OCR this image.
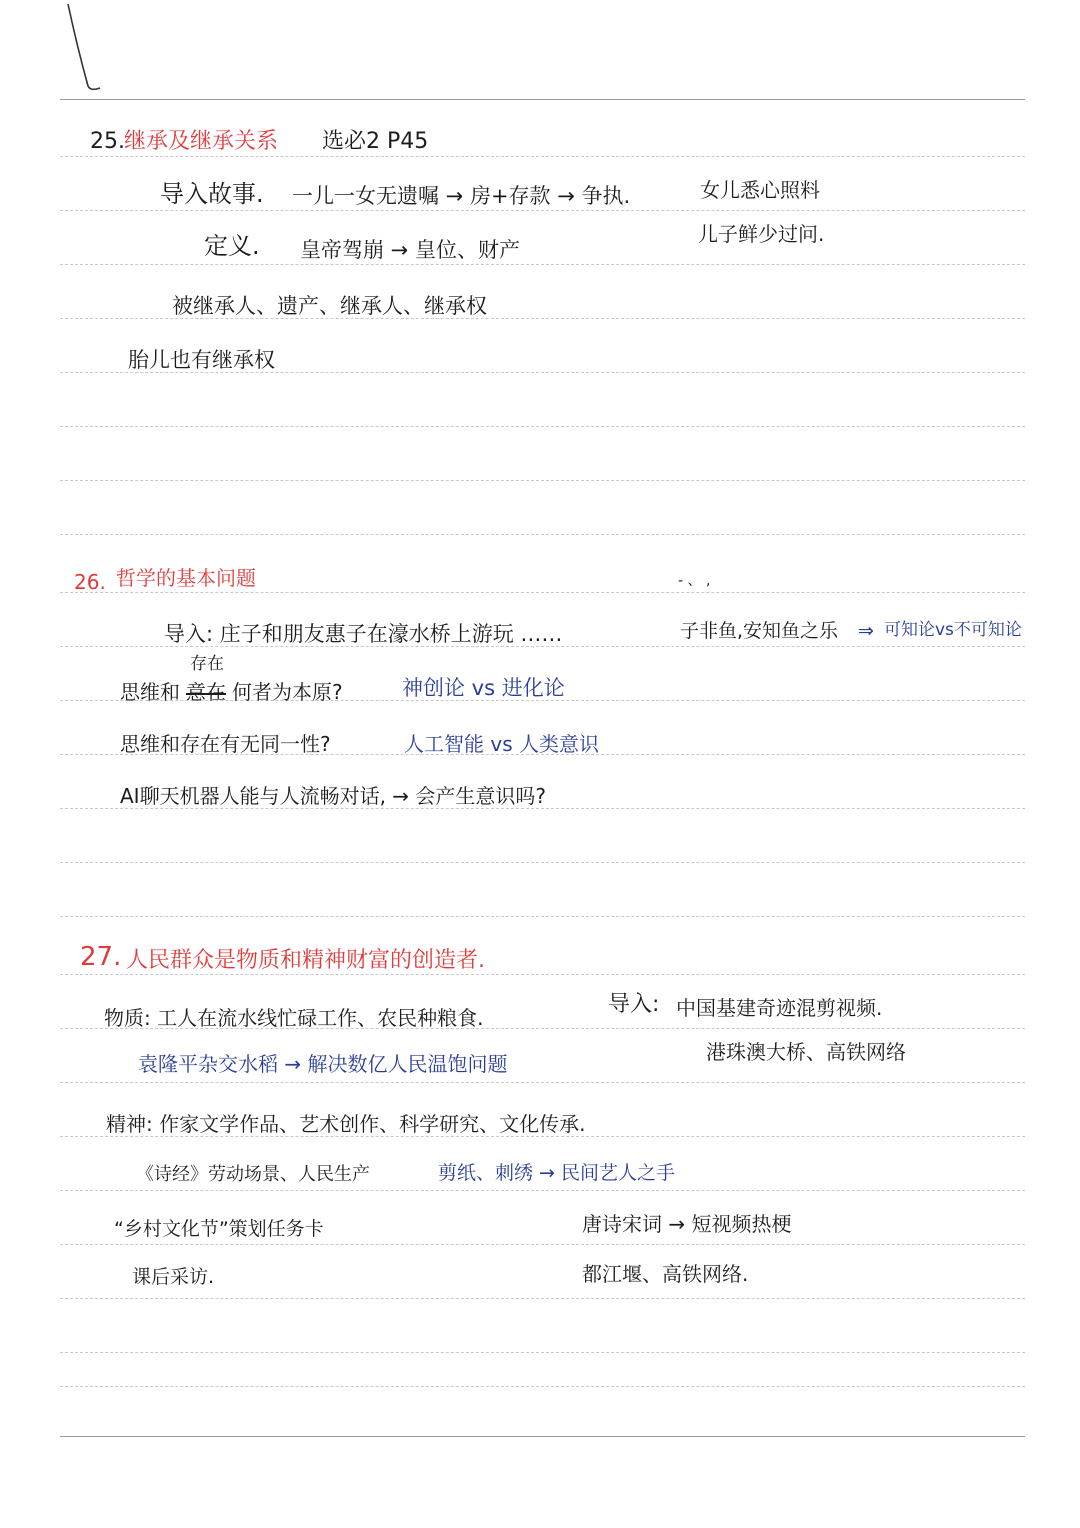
25. 继承及继承关系 选必2 P45
导入故事. 一儿一女无遗嘱 → 房+存款 → 争执.	女儿悉心照料
儿子鲜少过问.
定义. 皇帝驾崩 → 皇位、财产
被继承人、遗产、继承人、继承权
胎儿也有继承权
26. 哲学的基本问题	- 、 ,
导入: 庄子和朋友惠子在濠水桥上游玩 ……	子非鱼,安知鱼之乐 ⇒ 可知论vs不可知论
思维和
存在
意在 何者为本原?	神创论 vs 进化论
思维和存在有无同一性?	人工智能 vs 人类意识
AI聊天机器人能与人流畅对话, → 会产生意识吗?
27. 人民群众是物质和精神财富的创造者.
物质: 工人在流水线忙碌工作、农民种粮食.
导入: 中国基建奇迹混剪视频.
港珠澳大桥、高铁网络
袁隆平杂交水稻 → 解决数亿人民温饱问题
精神: 作家文学作品、艺术创作、科学研究、文化传承.
《诗经》劳动场景、人民生产	剪纸、刺绣 → 民间艺人之手
“乡村文化节”策划任务卡	唐诗宋词 → 短视频热梗
课后采访.	都江堰、高铁网络.
